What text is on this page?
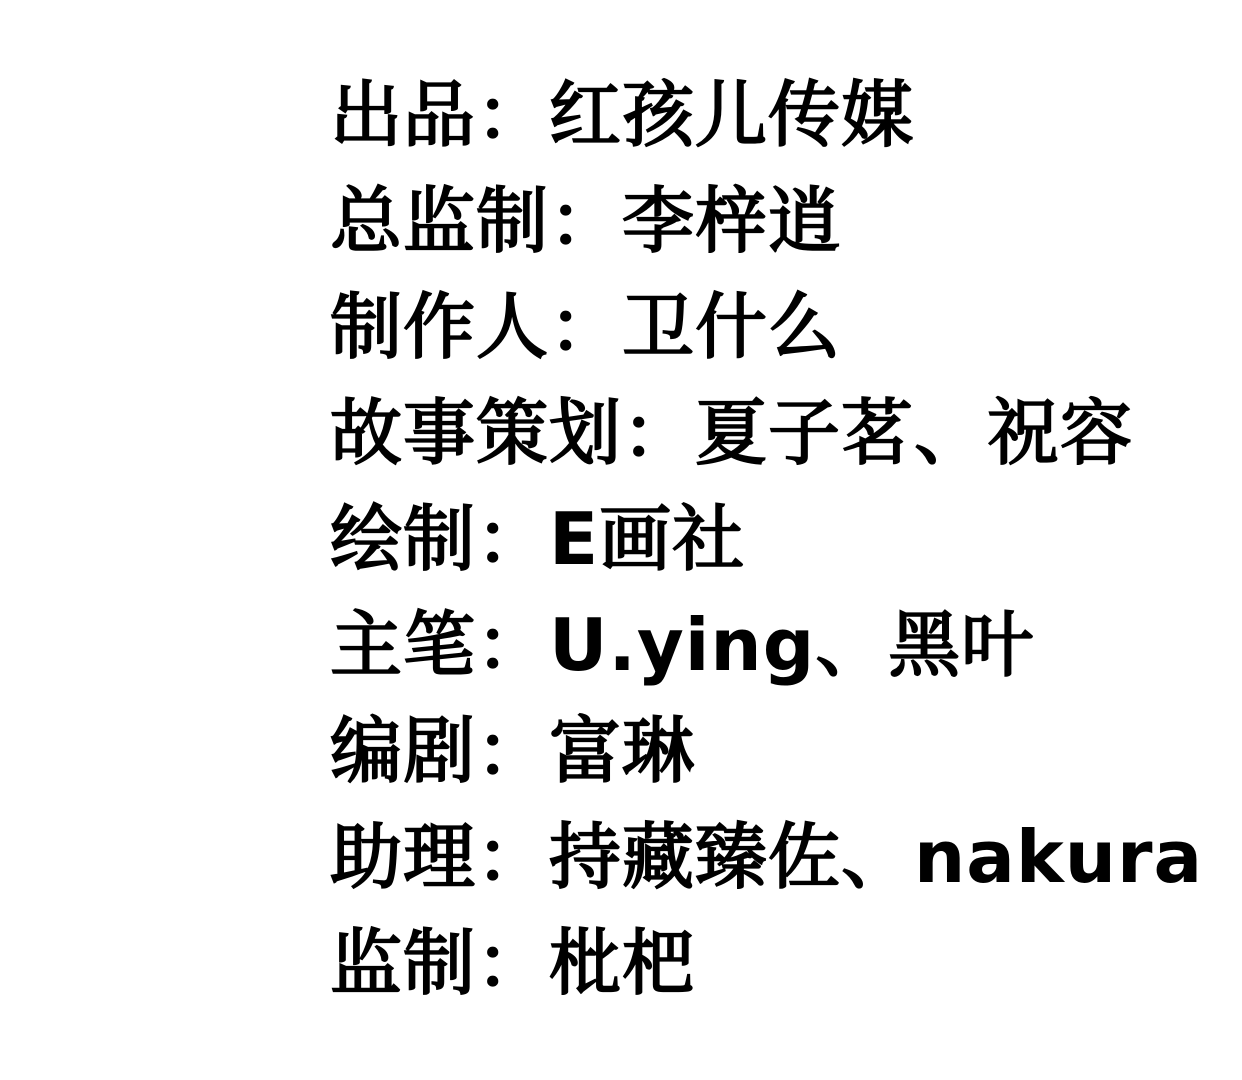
出品：红孩儿传媒

总监制：李梓逍

制作人：卫什么

故事策划：夏子茗、祝容

绘制：E画社

主笔：U.ying、黑叶

编剧：富琳

助理：持藏臻佐、nakura

监制：枇杷
